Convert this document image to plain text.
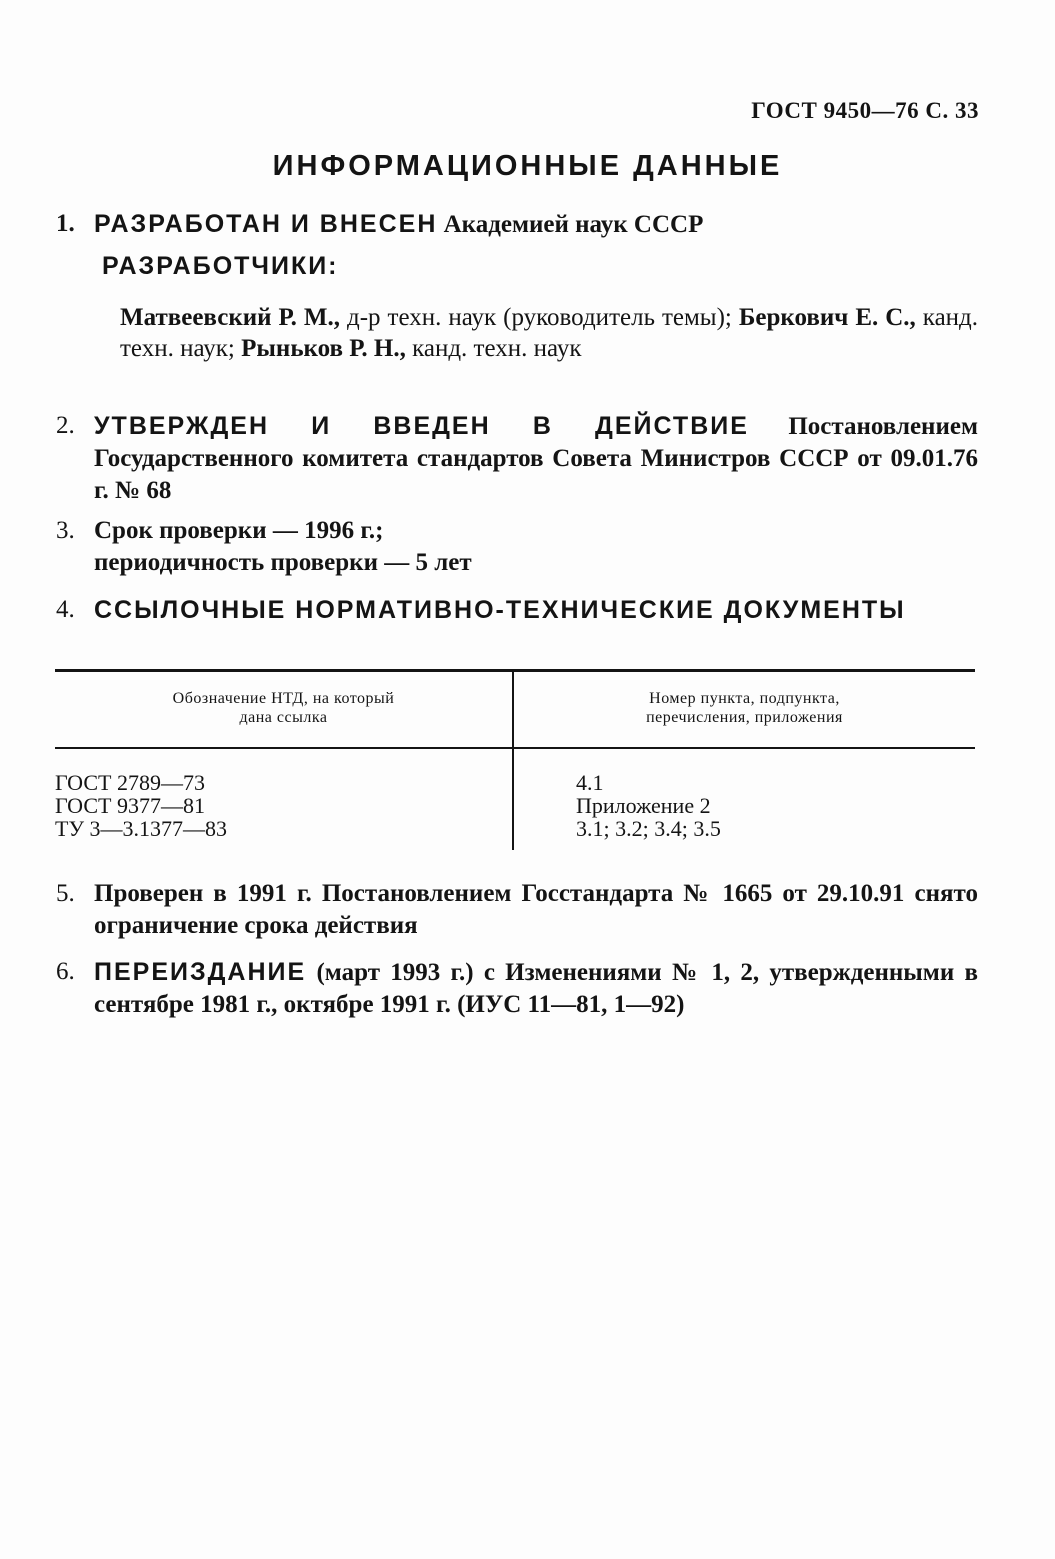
ГОСТ 9450—76 С. 33
ИНФОРМАЦИОННЫЕ ДАННЫЕ
1. РАЗРАБОТАН И ВНЕСЕН Академией наук СССР
РАЗРАБОТЧИКИ:
Матвеевский Р. М., д-р техн. наук (руководитель темы); Беркович Е. С., канд. техн. наук; Рыньков Р. Н., канд. техн. наук
2. УТВЕРЖДЕН И ВВЕДЕН В ДЕЙСТВИЕ Постановлением Государственного комитета стандартов Совета Министров СССР от 09.01.76 г. № 68
3. Срок проверки — 1996 г.;
периодичность проверки — 5 лет
4. ССЫЛОЧНЫЕ НОРМАТИВНО-ТЕХНИЧЕСКИЕ ДОКУМЕНТЫ
Обозначение НТД, на который
дана ссылка
Номер пункта, подпункта,
перечисления, приложения
ГОСТ 2789—73
ГОСТ 9377—81
ТУ 3—3.1377—83
4.1
Приложение 2
3.1; 3.2; 3.4; 3.5
5. Проверен в 1991 г. Постановлением Госстандарта № 1665 от 29.10.91 снято ограничение срока действия
6. ПЕРЕИЗДАНИЕ (март 1993 г.) с Изменениями № 1, 2, утвержденными в сентябре 1981 г., октябре 1991 г. (ИУС 11—81, 1—92)
